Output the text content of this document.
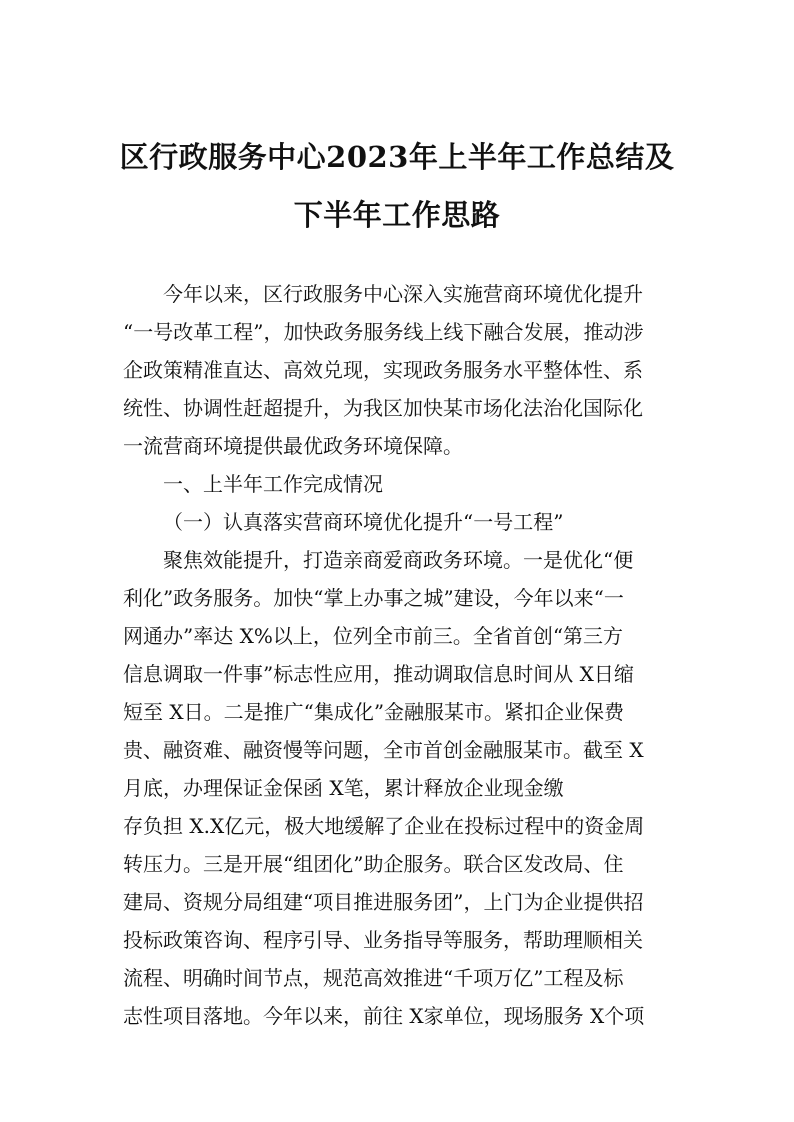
区行政服务中心2023年上半年工作总结及
下半年工作思路
今年以来，区行政服务中心深入实施营商环境优化提升
“一号改革工程”，加快政务服务线上线下融合发展，推动涉
企政策精准直达、高效兑现，实现政务服务水平整体性、系
统性、协调性赶超提升，为我区加快某市场化法治化国际化
一流营商环境提供最优政务环境保障。
一、上半年工作完成情况
（一）认真落实营商环境优化提升“一号工程”
聚焦效能提升，打造亲商爱商政务环境。一是优化“便
利化”政务服务。加快“掌上办事之城”建设，今年以来“一
网通办”率达 X%以上，位列全市前三。全省首创“第三方
信息调取一件事”标志性应用，推动调取信息时间从 X日缩
短至 X日。二是推广“集成化”金融服某市。紧扣企业保费
贵、融资难、融资慢等问题，全市首创金融服某市。截至 X
月底，办理保证金保函 X笔，累计释放企业现金缴
存负担 X.X亿元，极大地缓解了企业在投标过程中的资金周
转压力。三是开展“组团化”助企服务。联合区发改局、住
建局、资规分局组建“项目推进服务团”，上门为企业提供招
投标政策咨询、程序引导、业务指导等服务，帮助理顺相关
流程、明确时间节点，规范高效推进“千项万亿”工程及标
志性项目落地。今年以来，前往 X家单位，现场服务 X个项
